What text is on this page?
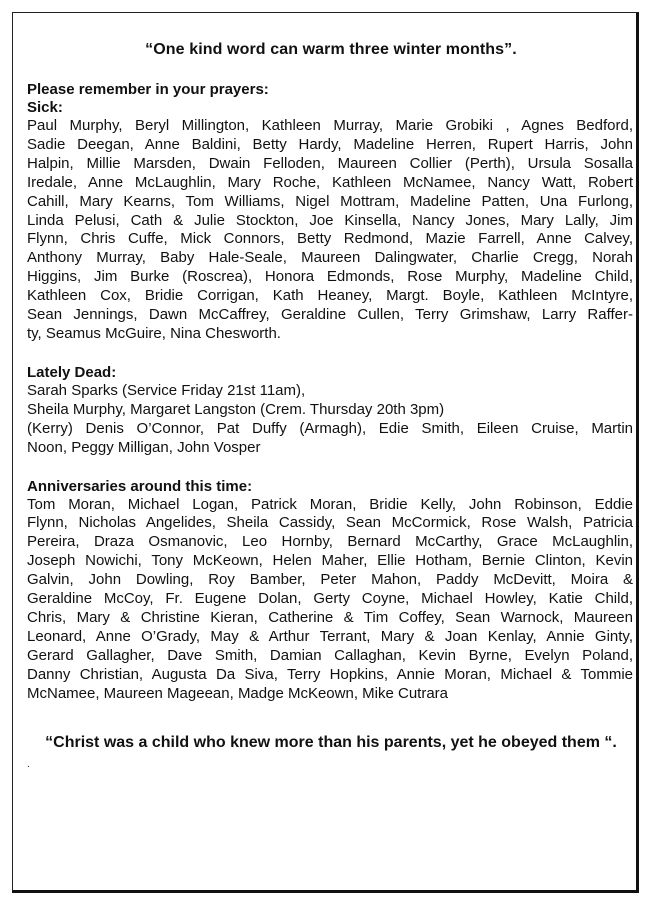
“One kind word can warm three winter months”.

Please remember in your prayers:

Sick:

Paul Murphy, Beryl Millington, Kathleen Murray, Marie Grobiki , Agnes Bedford,
Sadie Deegan, Anne Baldini, Betty Hardy, Madeline Herren, Rupert Harris, John
Halpin, Millie Marsden, Dwain Felloden, Maureen Collier (Perth), Ursula Sosalla
Iredale, Anne McLaughlin, Mary Roche, Kathleen McNamee, Nancy Watt, Robert
Cahill, Mary Kearns, Tom Williams, Nigel Mottram, Madeline Patten, Una Furlong,
Linda Pelusi, Cath & Julie Stockton, Joe Kinsella, Nancy Jones, Mary Lally, Jim
Flynn, Chris Cuffe, Mick Connors, Betty Redmond, Mazie Farrell, Anne Calvey,
Anthony Murray, Baby Hale-Seale, Maureen Dalingwater, Charlie Cregg, Norah
Higgins, Jim Burke (Roscrea), Honora Edmonds, Rose Murphy, Madeline Child,
Kathleen Cox, Bridie Corrigan, Kath Heaney, Margt. Boyle, Kathleen McIntyre,
Sean Jennings, Dawn McCaffrey, Geraldine Cullen, Terry Grimshaw, Larry Raffer-
ty, Seamus McGuire, Nina Chesworth.

Lately Dead:

Sarah Sparks (Service Friday 21st 11am),
Sheila Murphy, Margaret Langston (Crem. Thursday 20th 3pm)
(Kerry) Denis O’Connor, Pat Duffy (Armagh), Edie Smith, Eileen Cruise, Martin
Noon, Peggy Milligan, John Vosper

Anniversaries around this time:

Tom Moran, Michael Logan, Patrick Moran, Bridie Kelly, John Robinson, Eddie
Flynn, Nicholas Angelides, Sheila Cassidy, Sean McCormick, Rose Walsh, Patricia
Pereira, Draza Osmanovic, Leo Hornby, Bernard McCarthy, Grace McLaughlin,
Joseph Nowichi, Tony McKeown, Helen Maher, Ellie Hotham, Bernie Clinton, Kevin
Galvin, John Dowling, Roy Bamber, Peter Mahon, Paddy McDevitt, Moira &
Geraldine McCoy, Fr. Eugene Dolan, Gerty Coyne, Michael Howley, Katie Child,
Chris, Mary & Christine Kieran, Catherine & Tim Coffey, Sean Warnock, Maureen
Leonard, Anne O’Grady, May & Arthur Terrant, Mary & Joan Kenlay, Annie Ginty,
Gerard Gallagher, Dave Smith, Damian Callaghan, Kevin Byrne, Evelyn Poland,
Danny Christian, Augusta Da Siva, Terry Hopkins, Annie Moran, Michael & Tommie
McNamee, Maureen Mageean, Madge McKeown, Mike Cutrara

“Christ was a child who knew more than his parents, yet he obeyed them “.

.
